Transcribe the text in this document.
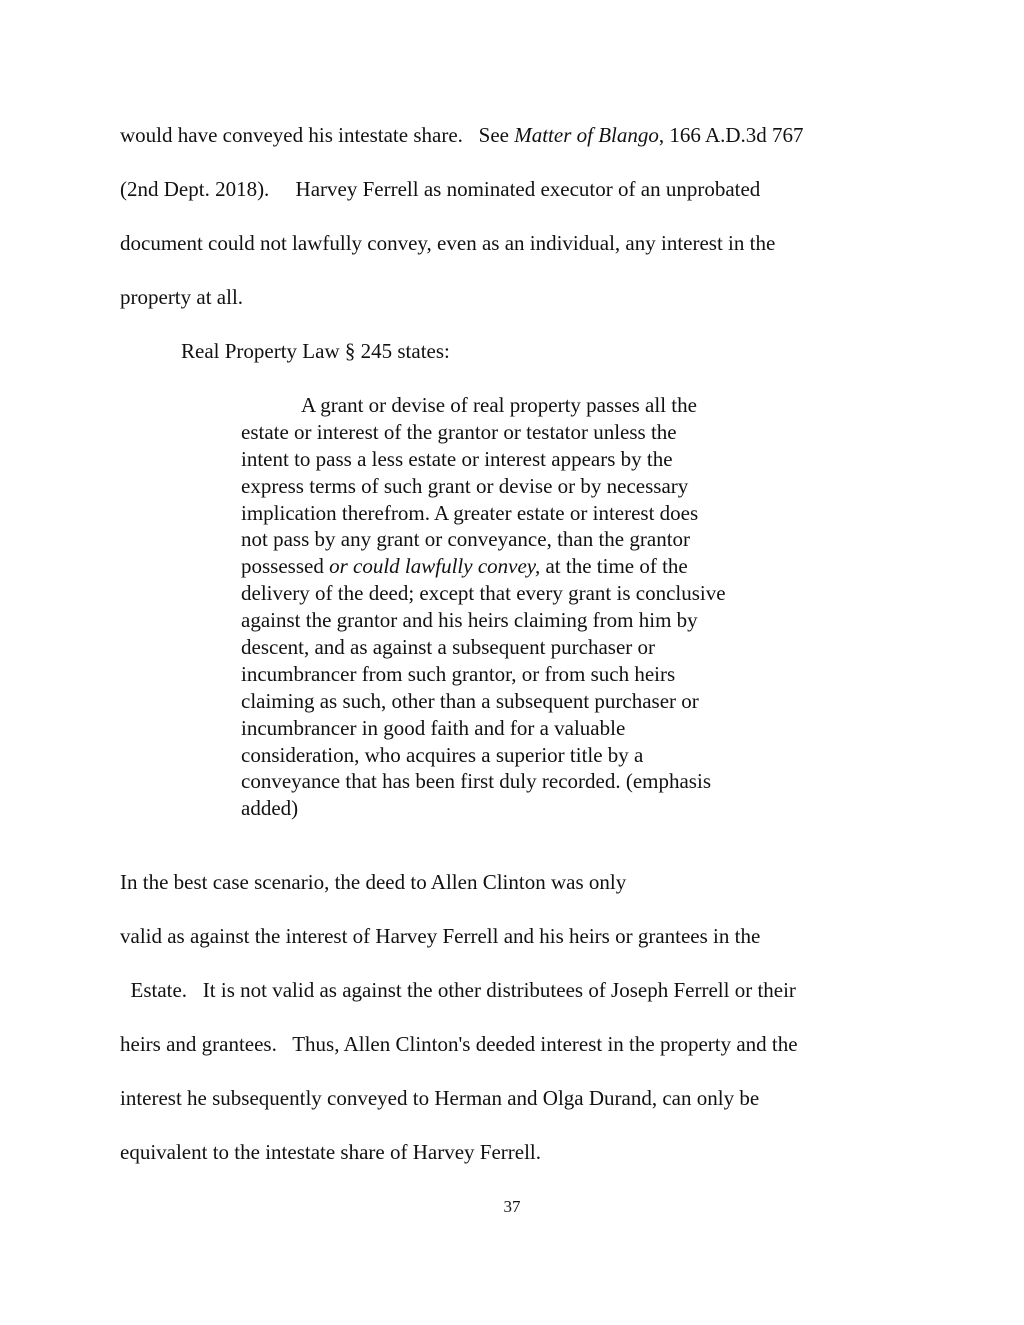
would have conveyed his intestate share.   See Matter of Blango, 166 A.D.3d 767
(2nd Dept. 2018).     Harvey Ferrell as nominated executor of an unprobated
document could not lawfully convey, even as an individual, any interest in the
property at all.
Real Property Law § 245 states:
A grant or devise of real property passes all the
estate or interest of the grantor or testator unless the
intent to pass a less estate or interest appears by the
express terms of such grant or devise or by necessary
implication therefrom. A greater estate or interest does
not pass by any grant or conveyance, than the grantor
possessed or could lawfully convey, at the time of the
delivery of the deed; except that every grant is conclusive
against the grantor and his heirs claiming from him by
descent, and as against a subsequent purchaser or
incumbrancer from such grantor, or from such heirs
claiming as such, other than a subsequent purchaser or
incumbrancer in good faith and for a valuable
consideration, who acquires a superior title by a
conveyance that has been first duly recorded. (emphasis
added)
In the best case scenario, the deed to Allen Clinton was only
valid as against the interest of Harvey Ferrell and his heirs or grantees in the
Estate.   It is not valid as against the other distributees of Joseph Ferrell or their
heirs and grantees.   Thus, Allen Clinton's deeded interest in the property and the
interest he subsequently conveyed to Herman and Olga Durand, can only be
equivalent to the intestate share of Harvey Ferrell.
37
